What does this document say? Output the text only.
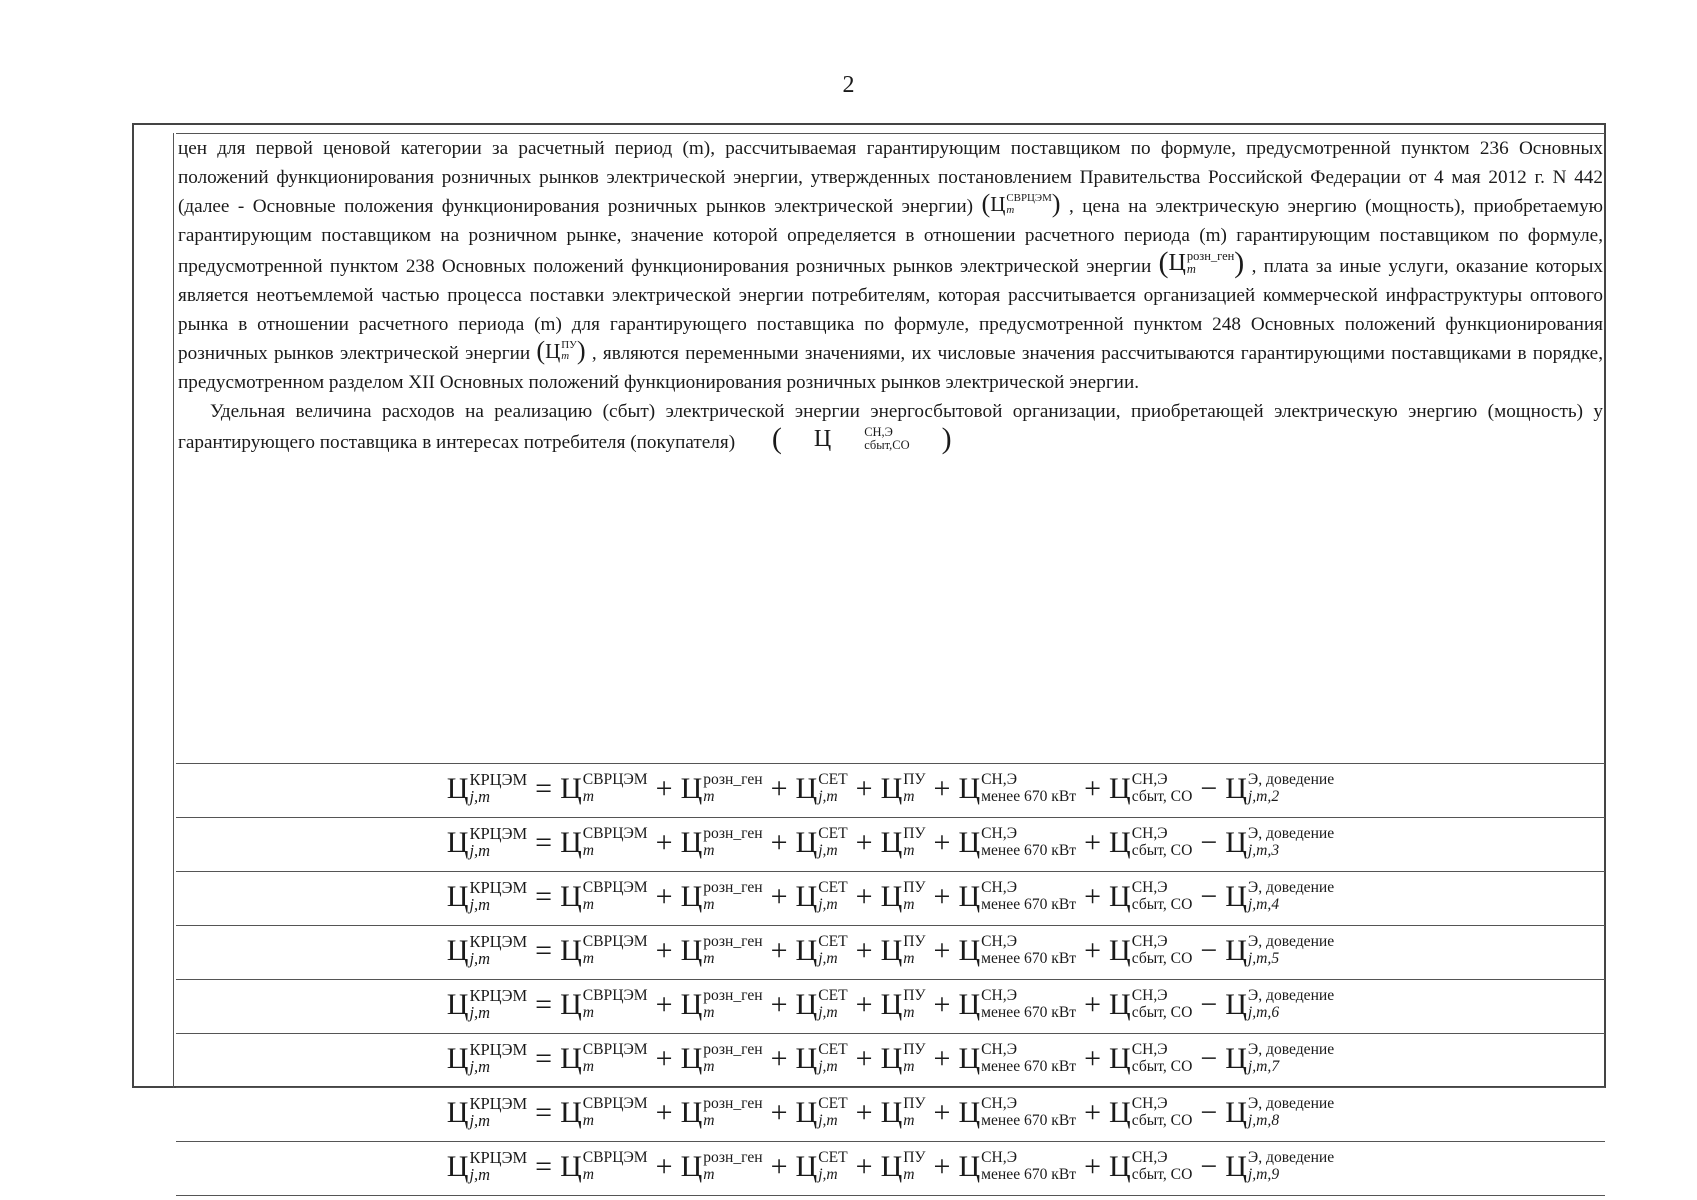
2

цен для первой ценовой категории за расчетный период (m), рассчитываемая гарантирующим поставщиком по формуле, предусмотренной пунктом 236 Основных положений функционирования розничных рынков электрической энергии, утвержденных постановлением Правительства Российской Федерации от 4 мая 2012 г. N 442 (далее - Основные положения функционирования розничных рынков электрической энергии) ( Ц СВРЦЭМ
m	) , цена на электрическую энергию (мощность), приобретаемую гарантирующим поставщиком на розничном рынке, значение которой определяется в отношении расчетного периода (m) гарантирующим поставщиком по формуле, предусмотренной пунктом 238 Основных положений функционирования розничных рынков электрической энергии ( Ц розн_ген
m	) , плата за иные услуги, оказание которых является неотъемлемой частью процесса поставки электрической энергии потребителям, которая рассчитывается организацией коммерческой инфраструктуры оптового рынка в отношении расчетного периода (m) для гарантирующего поставщика по формуле, предусмотренной пунктом 248 Основных положений функционирования розничных рынков электрической энергии ( Ц ПУ
m ) , являются переменными значениями, их числовые значения рассчитываются гарантирующими поставщиками в порядке, предусмотренном разделом XII Основных положений функционирования розничных рынков электрической энергии.

Удельная величина расходов на реализацию (сбыт) электрической энергии энергосбытовой организации, приобретающей электрическую энергию (мощность) у гарантирующего поставщика в интересах потребителя (покупателя)	(	Ц	СН,Э
сбыт,СО	)

Ц КРЦЭМ
j,m	= Ц СВРЦЭМ
m	+ Ц розн_ген
m	+ Ц СЕТ
j,m + Ц ПУ
m + Ц СН,Э
менее 670 кВт + Ц СН,Э
сбыт, СО − Ц Э, доведение
j,m,2
Ц КРЦЭМ
j,m	= Ц СВРЦЭМ
m	+ Ц розн_ген
m	+ Ц СЕТ
j,m + Ц ПУ
m + Ц СН,Э
менее 670 кВт + Ц СН,Э
сбыт, СО − Ц Э, доведение
j,m,3
Ц КРЦЭМ
j,m	= Ц СВРЦЭМ
m	+ Ц розн_ген
m	+ Ц СЕТ
j,m + Ц ПУ
m + Ц СН,Э
менее 670 кВт + Ц СН,Э
сбыт, СО − Ц Э, доведение
j,m,4
Ц КРЦЭМ
j,m	= Ц СВРЦЭМ
m	+ Ц розн_ген
m	+ Ц СЕТ
j,m + Ц ПУ
m + Ц СН,Э
менее 670 кВт + Ц СН,Э
сбыт, СО − Ц Э, доведение
j,m,5
Ц КРЦЭМ
j,m	= Ц СВРЦЭМ
m	+ Ц розн_ген
m	+ Ц СЕТ
j,m + Ц ПУ
m + Ц СН,Э
менее 670 кВт + Ц СН,Э
сбыт, СО − Ц Э, доведение
j,m,6
Ц КРЦЭМ
j,m	= Ц СВРЦЭМ
m	+ Ц розн_ген
m	+ Ц СЕТ
j,m + Ц ПУ
m + Ц СН,Э
менее 670 кВт + Ц СН,Э
сбыт, СО − Ц Э, доведение
j,m,7
Ц КРЦЭМ
j,m	= Ц СВРЦЭМ
m	+ Ц розн_ген
m	+ Ц СЕТ
j,m + Ц ПУ
m + Ц СН,Э
менее 670 кВт + Ц СН,Э
сбыт, СО − Ц Э, доведение
j,m,8
Ц КРЦЭМ
j,m	= Ц СВРЦЭМ
m	+ Ц розн_ген
m	+ Ц СЕТ
j,m + Ц ПУ
m + Ц СН,Э
менее 670 кВт + Ц СН,Э
сбыт, СО − Ц Э, доведение
j,m,9
